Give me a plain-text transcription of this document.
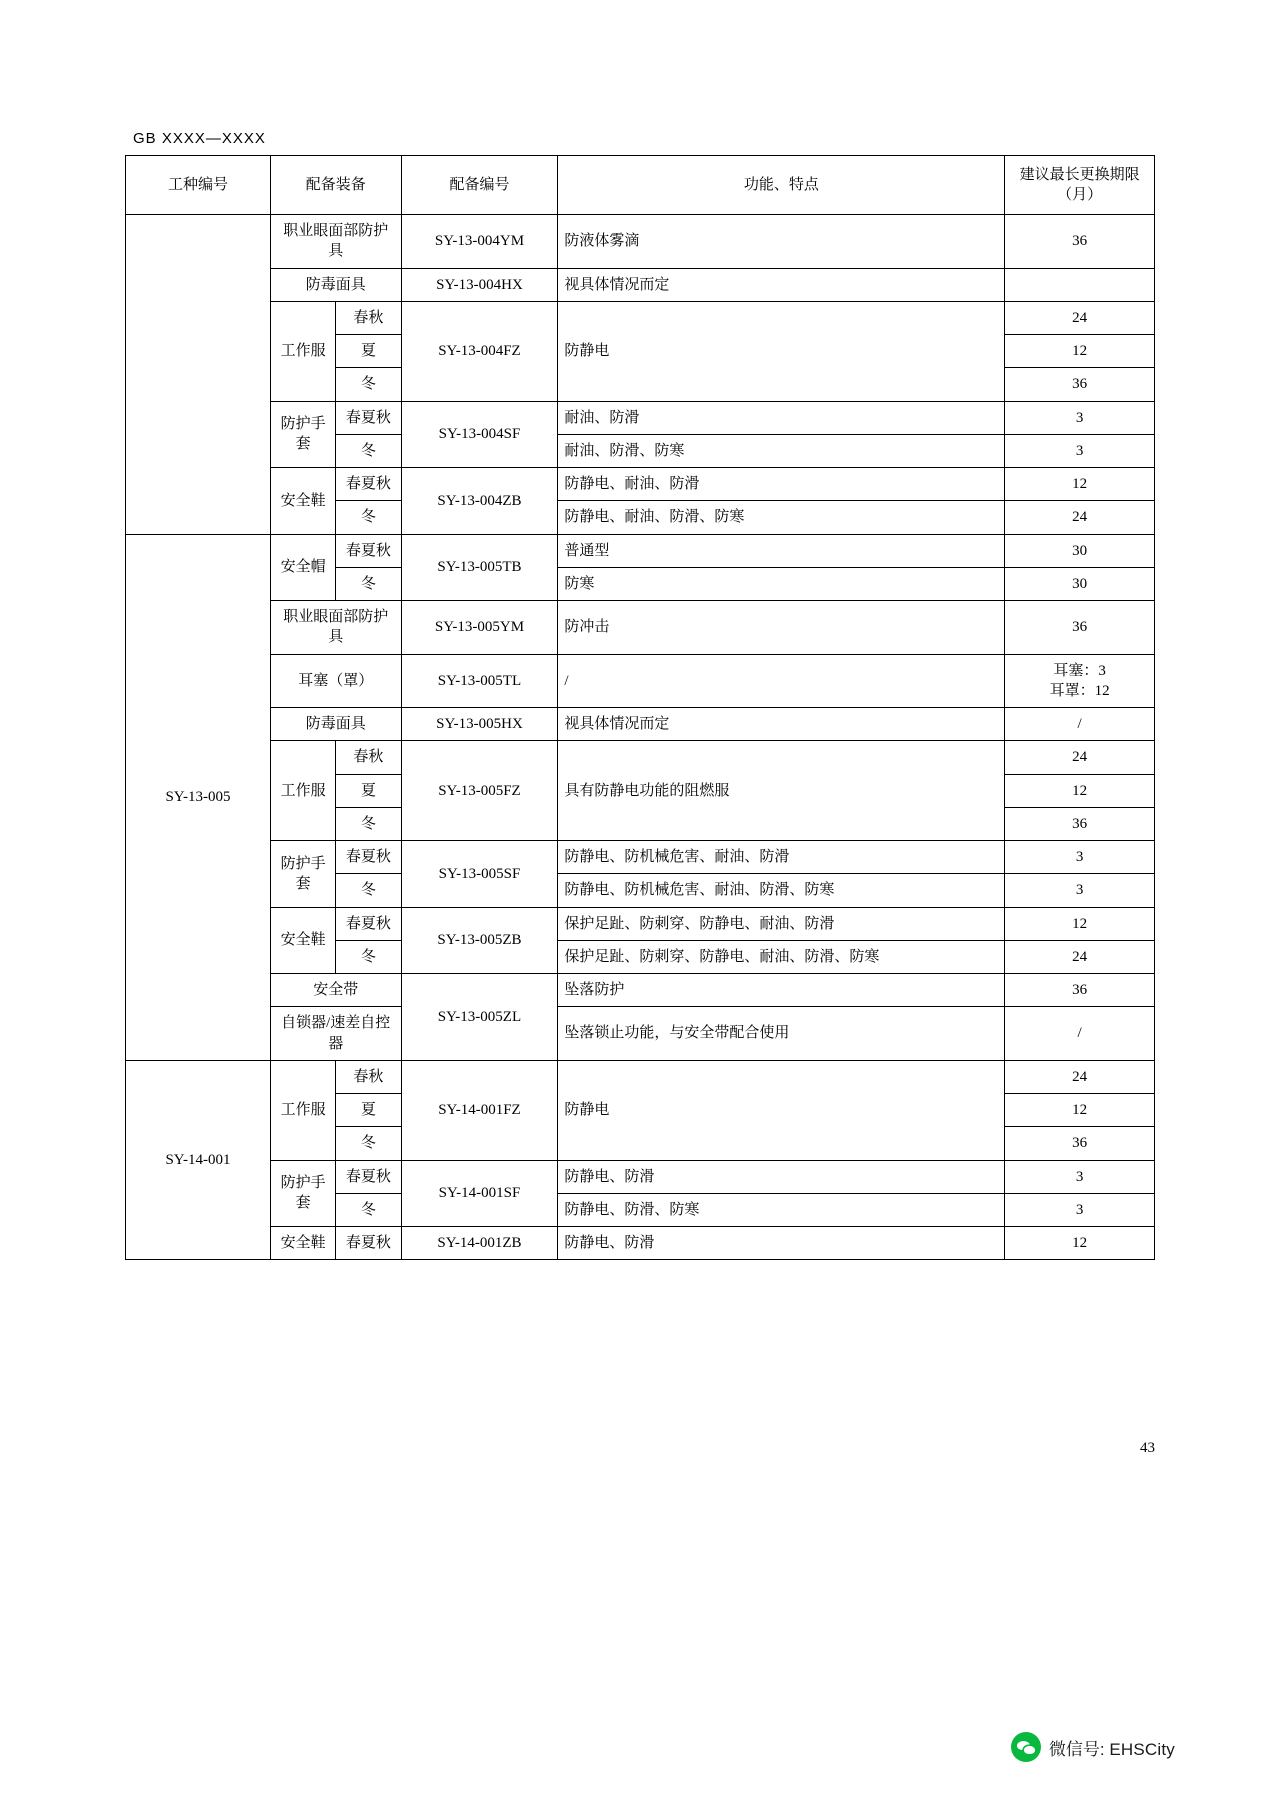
GB XXXX—XXXX
工种编号	配备装备		配备编号	功能、特点	建议最长更换期限（月）
	职业眼面部防护具		SY-13-004YM	防液体雾滴	36
	防毒面具		SY-13-004HX	视具体情况而定	
	工作服	春秋	SY-13-004FZ	防静电	24
		夏			12
		冬			36
	防护手套	春夏秋	SY-13-004SF	耐油、防滑	3
		冬		耐油、防滑、防寒	3
	安全鞋	春夏秋	SY-13-004ZB	防静电、耐油、防滑	12
		冬		防静电、耐油、防滑、防寒	24
SY-13-005	安全帽	春夏秋	SY-13-005TB	普通型	30
		冬		防寒	30
	职业眼面部防护具		SY-13-005YM	防冲击	36
	耳塞（罩）		SY-13-005TL	/	耳塞：3
耳罩：12
	防毒面具		SY-13-005HX	视具体情况而定	/
	工作服	春秋	SY-13-005FZ	具有防静电功能的阻燃服	24
		夏			12
		冬			36
	防护手套	春夏秋	SY-13-005SF	防静电、防机械危害、耐油、防滑	3
		冬		防静电、防机械危害、耐油、防滑、防寒	3
	安全鞋	春夏秋	SY-13-005ZB	保护足趾、防刺穿、防静电、耐油、防滑	12
		冬		保护足趾、防刺穿、防静电、耐油、防滑、防寒	24
	安全带		SY-13-005ZL	坠落防护	36
	自锁器/速差自控器			坠落锁止功能，与安全带配合使用	/
SY-14-001	工作服	春秋	SY-14-001FZ	防静电	24
		夏			12
		冬			36
	防护手套	春夏秋	SY-14-001SF	防静电、防滑	3
		冬		防静电、防滑、防寒	3
	安全鞋	春夏秋	SY-14-001ZB	防静电、防滑	12
43
微信号: EHSCity
